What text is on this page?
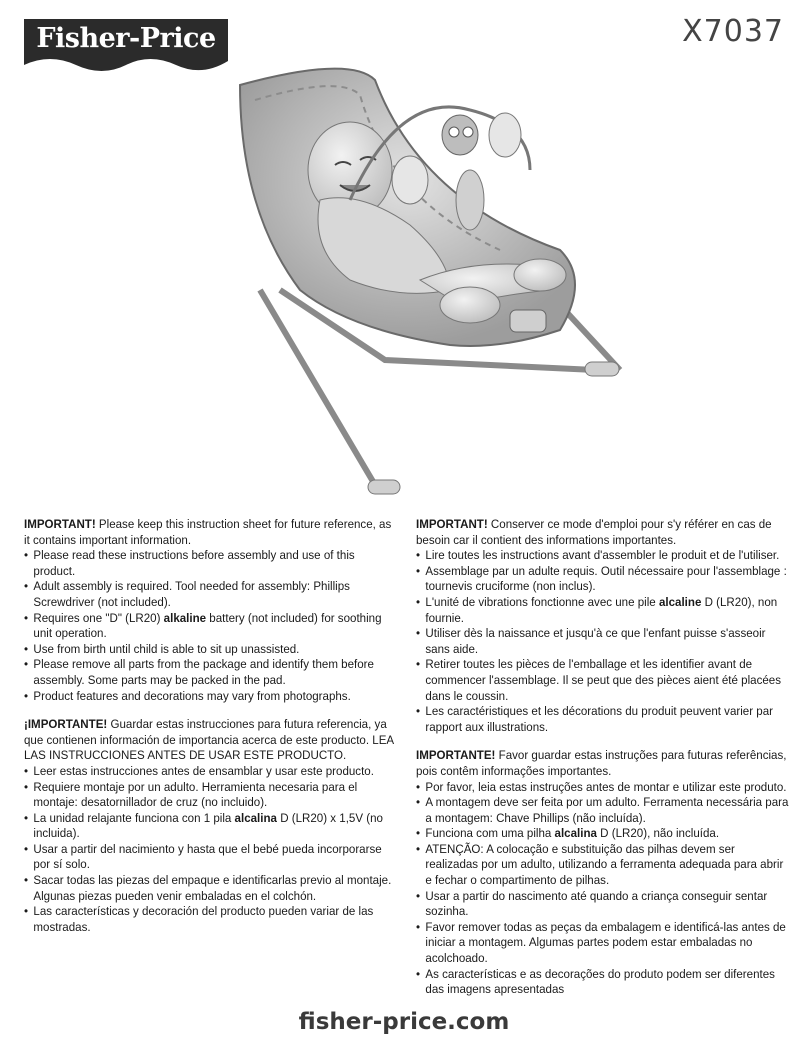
Fisher-Price	X7037
IMPORTANT! Please keep this instruction sheet for future reference, as it contains important information.
• Please read these instructions before assembly and use of this product.
• Adult assembly is required. Tool needed for assembly: Phillips Screwdriver (not included).
• Requires one "D" (LR20) alkaline battery (not included) for soothing unit operation.
• Use from birth until child is able to sit up unassisted.
• Please remove all parts from the package and identify them before assembly. Some parts may be packed in the pad.
• Product features and decorations may vary from photographs.
¡IMPORTANTE! Guardar estas instrucciones para futura referencia, ya que contienen información de importancia acerca de este producto. LEA LAS INSTRUCCIONES ANTES DE USAR ESTE PRODUCTO.
• Leer estas instrucciones antes de ensamblar y usar este producto.
• Requiere montaje por un adulto. Herramienta necesaria para el montaje: desatornillador de cruz (no incluido).
• La unidad relajante funciona con 1 pila alcalina D (LR20) x 1,5V (no incluida).
• Usar a partir del nacimiento y hasta que el bebé pueda incorporarse por sí solo.
• Sacar todas las piezas del empaque e identificarlas previo al montaje. Algunas piezas pueden venir embaladas en el colchón.
• Las características y decoración del producto pueden variar de las mostradas.
IMPORTANT! Conserver ce mode d'emploi pour s'y référer en cas de besoin car il contient des informations importantes.
• Lire toutes les instructions avant d'assembler le produit et de l'utiliser.
• Assemblage par un adulte requis. Outil nécessaire pour l'assemblage : tournevis cruciforme (non inclus).
• L'unité de vibrations fonctionne avec une pile alcaline D (LR20), non fournie.
• Utiliser dès la naissance et jusqu'à ce que l'enfant puisse s'asseoir sans aide.
• Retirer toutes les pièces de l'emballage et les identifier avant de commencer l'assemblage. Il se peut que des pièces aient été placées dans le coussin.
• Les caractéristiques et les décorations du produit peuvent varier par rapport aux illustrations.
IMPORTANTE! Favor guardar estas instruções para futuras referências, pois contêm informações importantes.
• Por favor, leia estas instruções antes de montar e utilizar este produto.
• A montagem deve ser feita por um adulto. Ferramenta necessária para a montagem: Chave Phillips (não incluída).
• Funciona com uma pilha alcalina D (LR20), não incluída.
• ATENÇÃO: A colocação e substituição das pilhas devem ser realizadas por um adulto, utilizando a ferramenta adequada para abrir e fechar o compartimento de pilhas.
• Usar a partir do nascimento até quando a criança conseguir sentar sozinha.
• Favor remover todas as peças da embalagem e identificá-las antes de iniciar a montagem. Algumas partes podem estar embaladas no acolchoado.
• As características e as decorações do produto podem ser diferentes das imagens apresentadas
fisher-price.com
